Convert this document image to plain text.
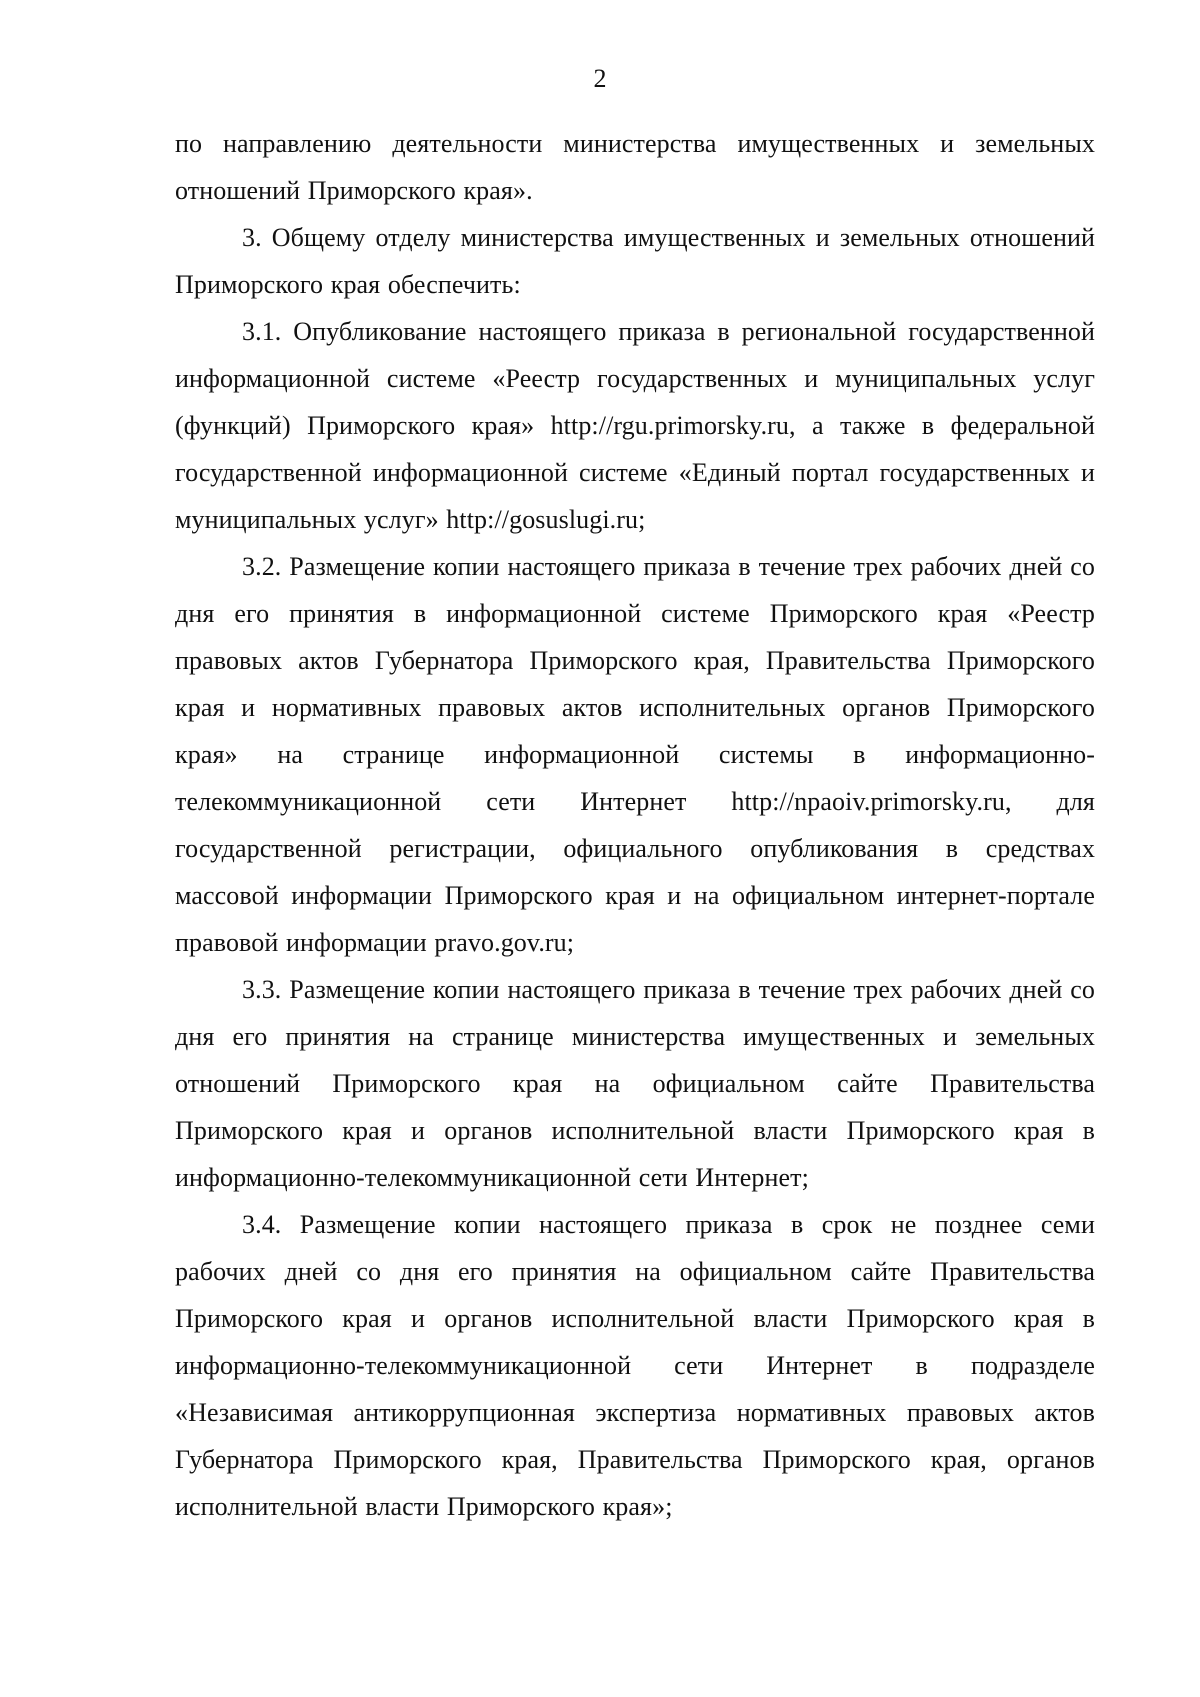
2

по направлению деятельности министерства имущественных и земельных отношений Приморского края».

3. Общему отделу министерства имущественных и земельных отношений Приморского края обеспечить:

3.1. Опубликование настоящего приказа в региональной государственной информационной системе «Реестр государственных и муниципальных услуг (функций) Приморского края» http://rgu.primorsky.ru, а также в федеральной государственной информационной системе «Единый портал государственных и муниципальных услуг» http://gosuslugi.ru;

3.2. Размещение копии настоящего приказа в течение трех рабочих дней со дня его принятия в информационной системе Приморского края «Реестр правовых актов Губернатора Приморского края, Правительства Приморского края и нормативных правовых актов исполнительных органов Приморского края» на странице информационной системы в информационно-телекоммуникационной сети Интернет http://npaoiv.primorsky.ru, для государственной регистрации, официального опубликования в средствах массовой информации Приморского края и на официальном интернет-портале правовой информации pravo.gov.ru;

3.3. Размещение копии настоящего приказа в течение трех рабочих дней со дня его принятия на странице министерства имущественных и земельных отношений Приморского края на официальном сайте Правительства Приморского края и органов исполнительной власти Приморского края в информационно-телекоммуникационной сети Интернет;

3.4. Размещение копии настоящего приказа в срок не позднее семи рабочих дней со дня его принятия на официальном сайте Правительства Приморского края и органов исполнительной власти Приморского края в информационно-телекоммуникационной сети Интернет в подразделе «Независимая антикоррупционная экспертиза нормативных правовых актов Губернатора Приморского края, Правительства Приморского края, органов исполнительной власти Приморского края»;
